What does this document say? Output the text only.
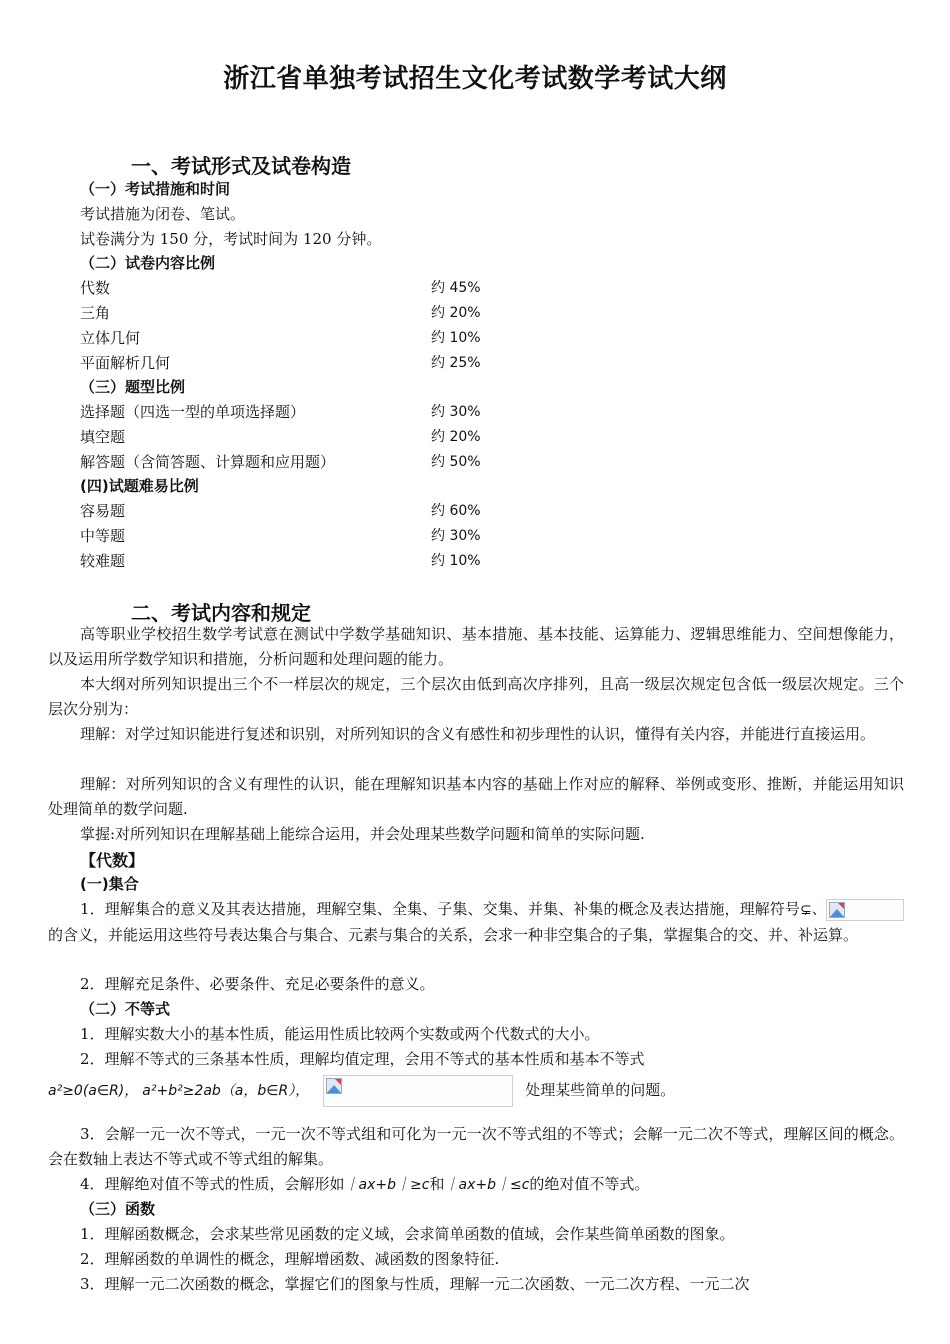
浙江省单独考试招生文化考试数学考试大纲
一、考试形式及试卷构造
（一）考试措施和时间
考试措施为闭卷、笔试。
试卷满分为 150 分，考试时间为 120 分钟。
（二）试卷内容比例
代数	约 45%
三角	约 20%
立体几何	约 10%
平面解析几何	约 25%
（三）题型比例
选择题（四选一型的单项选择题）	约 30%
填空题	约 20%
解答题（含简答题、计算题和应用题）	约 50%
(四)试题难易比例
容易题	约 60%
中等题	约 30%
较难题	约 10%
二、考试内容和规定
高等职业学校招生数学考试意在测试中学数学基础知识、基本措施、基本技能、运算能力、逻辑思维能力、空间想像能力，以及运用所学数学知识和措施，分析问题和处理问题的能力。
本大纲对所列知识提出三个不一样层次的规定，三个层次由低到高次序排列，且高一级层次规定包含低一级层次规定。三个层次分别为：
理解：对学过知识能进行复述和识别，对所列知识的含义有感性和初步理性的认识，懂得有关内容，并能进行直接运用。
理解：对所列知识的含义有理性的认识，能在理解知识基本内容的基础上作对应的解释、举例或变形、推断，并能运用知识处理简单的数学问题.
掌握:对所列知识在理解基础上能综合运用，并会处理某些数学问题和简单的实际问题.
【代数】
(一)集合
1．理解集合的意义及其表达措施，理解空集、全集、子集、交集、并集、补集的概念及表达措施，理解符号⊊、
的含义，并能运用这些符号表达集合与集合、元素与集合的关系，会求一种非空集合的子集，掌握集合的交、并、补运算。
2．理解充足条件、必要条件、充足必要条件的意义。
（二）不等式
1．理解实数大小的基本性质，能运用性质比较两个实数或两个代数式的大小。
2．理解不等式的三条基本性质，理解均值定理，会用不等式的基本性质和基本不等式
a²≥0(a∈R)， a²+b²≥2ab（a，b∈R），	处理某些简单的问题。
3．会解一元一次不等式，一元一次不等式组和可化为一元一次不等式组的不等式；会解一元二次不等式，理解区间的概念。会在数轴上表达不等式或不等式组的解集。
4．理解绝对值不等式的性质，会解形如｜ax+b｜≥c和｜ax+b｜≤c的绝对值不等式。
（三）函数
1．理解函数概念，会求某些常见函数的定义域，会求简单函数的值域，会作某些简单函数的图象。
2．理解函数的单调性的概念，理解增函数、减函数的图象特征.
3．理解一元二次函数的概念，掌握它们的图象与性质，理解一元二次函数、一元二次方程、一元二次
